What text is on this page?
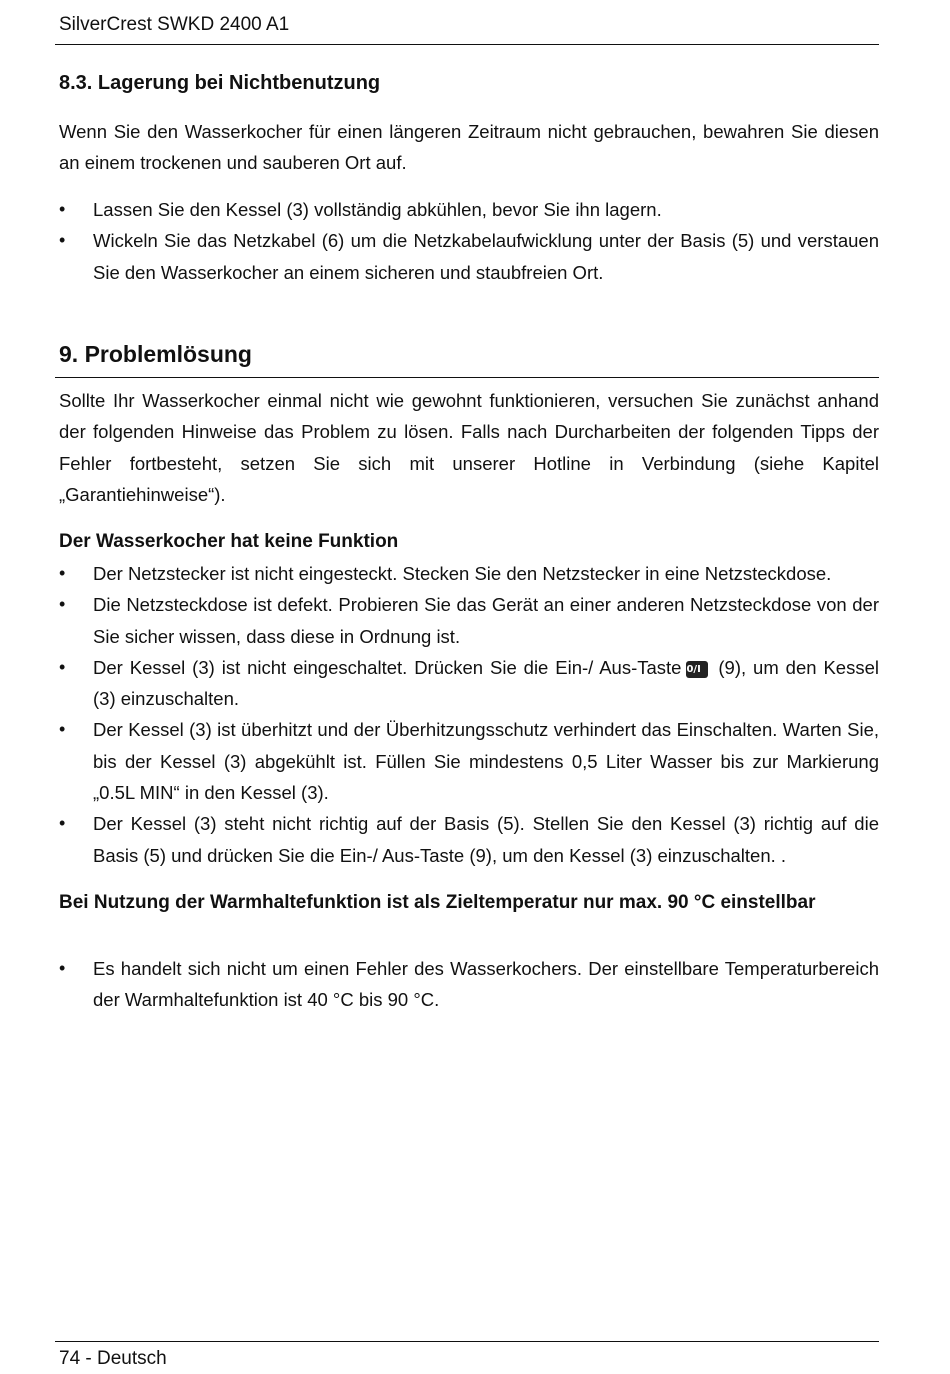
SilverCrest SWKD 2400 A1
8.3. Lagerung bei Nichtbenutzung

Wenn Sie den Wasserkocher für einen längeren Zeitraum nicht gebrauchen, bewahren Sie diesen an einem trockenen und sauberen Ort auf.

• Lassen Sie den Kessel (3) vollständig abkühlen, bevor Sie ihn lagern.
• Wickeln Sie das Netzkabel (6) um die Netzkabelaufwicklung unter der Basis (5) und verstauen Sie den Wasserkocher an einem sicheren und staubfreien Ort.
9. Problemlösung

Sollte Ihr Wasserkocher einmal nicht wie gewohnt funktionieren, versuchen Sie zunächst anhand der folgenden Hinweise das Problem zu lösen. Falls nach Durcharbeiten der folgenden Tipps der Fehler fortbesteht, setzen Sie sich mit unserer Hotline in Verbindung (siehe Kapitel „Garantiehinweise“).

Der Wasserkocher hat keine Funktion
• Der Netzstecker ist nicht eingesteckt. Stecken Sie den Netzstecker in eine Netzsteckdose.
• Die Netzsteckdose ist defekt. Probieren Sie das Gerät an einer anderen Netzsteckdose von der Sie sicher wissen, dass diese in Ordnung ist.
• Der Kessel (3) ist nicht eingeschaltet. Drücken Sie die Ein-/ Aus-Taste 0/I (9), um den Kessel (3) einzuschalten.
• Der Kessel (3) ist überhitzt und der Überhitzungsschutz verhindert das Einschalten. Warten Sie, bis der Kessel (3) abgekühlt ist. Füllen Sie mindestens 0,5 Liter Wasser bis zur Markierung „0.5L MIN“ in den Kessel (3).
• Der Kessel (3) steht nicht richtig auf der Basis (5). Stellen Sie den Kessel (3) richtig auf die Basis (5) und drücken Sie die Ein-/ Aus-Taste (9), um den Kessel (3) einzuschalten. .
Bei Nutzung der Warmhaltefunktion ist als Zieltemperatur nur max. 90 °C einstellbar
• Es handelt sich nicht um einen Fehler des Wasserkochers. Der einstellbare Temperaturbereich der Warmhaltefunktion ist 40 °C bis 90 °C.
74 - Deutsch
